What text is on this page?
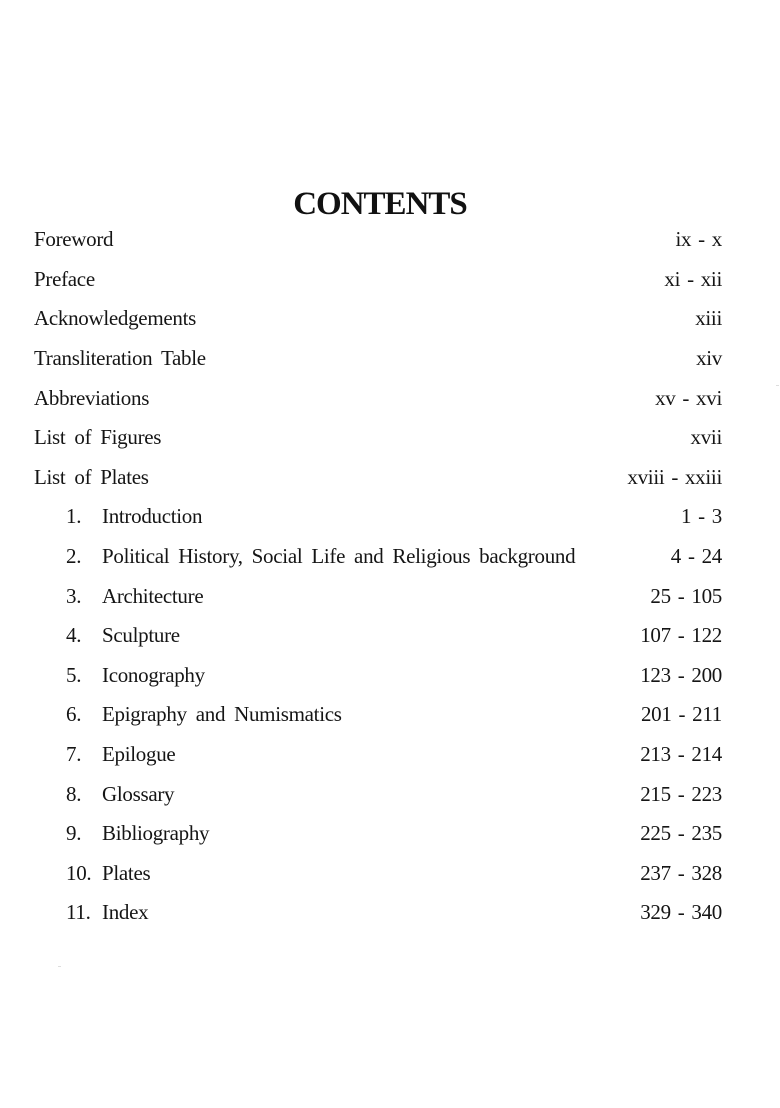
CONTENTS
Foreword	ix - x
Preface	xi - xii
Acknowledgements	xiii
Transliteration Table	xiv
Abbreviations	xv - xvi
List of Figures	xvii
List of Plates	xviii - xxiii
1. Introduction	1 - 3
2. Political History, Social Life and Religious background	4 - 24
3. Architecture	25 - 105
4. Sculpture	107 - 122
5. Iconography	123 - 200
6. Epigraphy and Numismatics	201 - 211
7. Epilogue	213 - 214
8. Glossary	215 - 223
9. Bibliography	225 - 235
10. Plates	237 - 328
11. Index	329 - 340
